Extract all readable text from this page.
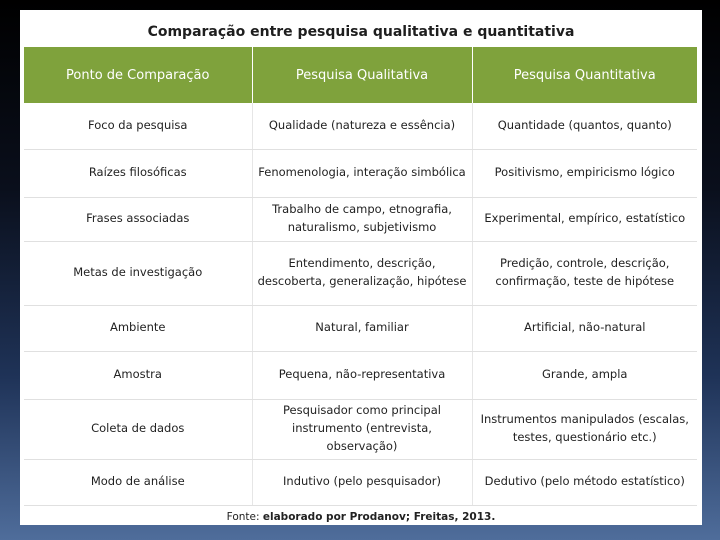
Comparação entre pesquisa qualitativa e quantitativa
Ponto de Comparação	Pesquisa Qualitativa	Pesquisa Quantitativa
Foco da pesquisa	Qualidade (natureza e essência)	Quantidade (quantos, quanto)
Raízes filosóficas	Fenomenologia, interação simbólica	Positivismo, empiricismo lógico
Frases associadas	Trabalho de campo, etnografia, naturalismo, subjetivismo	Experimental, empírico, estatístico
Metas de investigação	Entendimento, descrição, descoberta, generalização, hipótese	Predição, controle, descrição, confirmação, teste de hipótese
Ambiente	Natural, familiar	Artificial, não-natural
Amostra	Pequena, não-representativa	Grande, ampla
Coleta de dados	Pesquisador como principal instrumento (entrevista, observação)	Instrumentos manipulados (escalas, testes, questionário etc.)
Modo de análise	Indutivo (pelo pesquisador)	Dedutivo (pelo método estatístico)
Fonte: elaborado por Prodanov; Freitas, 2013.
